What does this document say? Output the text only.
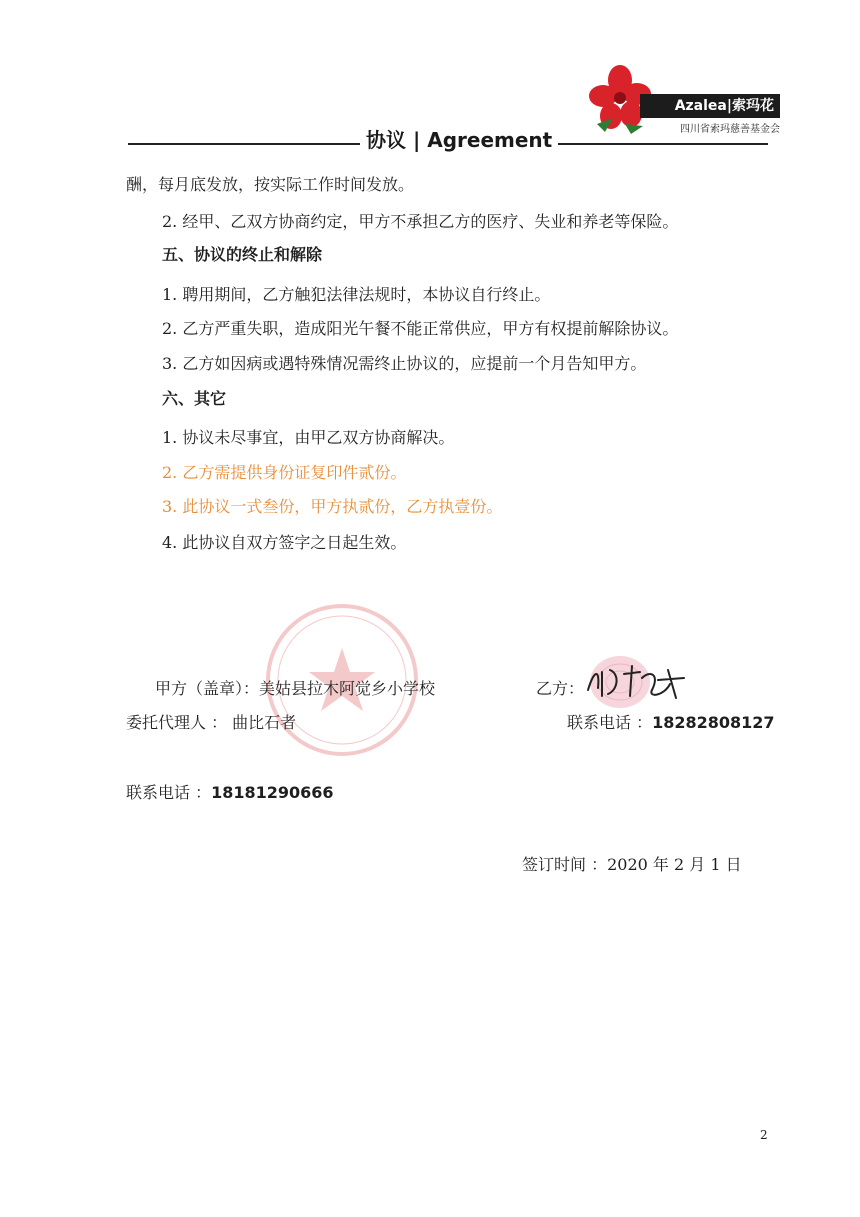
协议 | Agreement
Azalea|索玛花
四川省索玛慈善基金会
酬，每月底发放，按实际工作时间发放。
2. 经甲、乙双方协商约定，甲方不承担乙方的医疗、失业和养老等保险。
五、协议的终止和解除
1. 聘用期间，乙方触犯法律法规时，本协议自行终止。
2. 乙方严重失职，造成阳光午餐不能正常供应，甲方有权提前解除协议。
3. 乙方如因病或遇特殊情况需终止协议的，应提前一个月告知甲方。
六、其它
1. 协议未尽事宜，由甲乙双方协商解决。
2. 乙方需提供身份证复印件贰份。
3. 此协议一式叁份，甲方执贰份，乙方执壹份。
4. 此协议自双方签字之日起生效。
甲方（盖章）：美姑县拉木阿觉乡小学校	乙方：
委托代理人 ： 曲比石者	联系电话 ：18282808127
联系电话 ：18181290666
签订时间 ：2020 年 2 月 1 日
2
